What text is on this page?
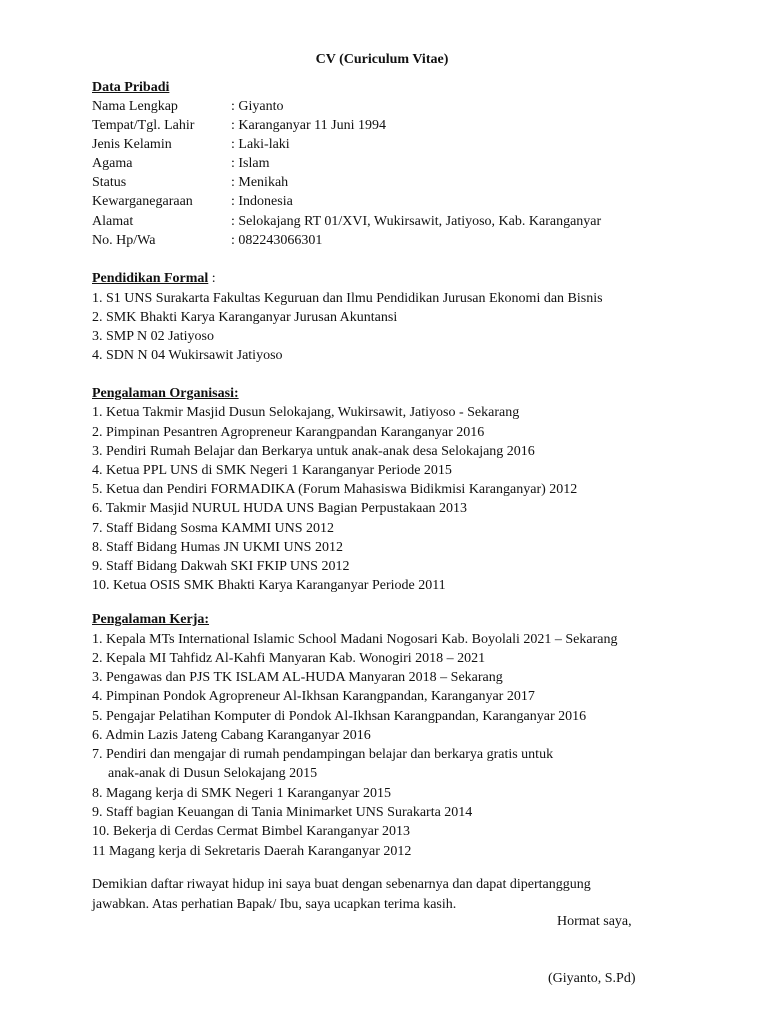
CV (Curiculum Vitae)
Data Pribadi
Nama Lengkap	: Giyanto
Tempat/Tgl. Lahir	: Karanganyar 11 Juni 1994
Jenis Kelamin	: Laki-laki
Agama	: Islam
Status	: Menikah
Kewarganegaraan	: Indonesia
Alamat	: Selokajang RT 01/XVI, Wukirsawit, Jatiyoso, Kab. Karanganyar
No. Hp/Wa	: 082243066301
Pendidikan Formal :
1. S1 UNS Surakarta Fakultas Keguruan dan Ilmu Pendidikan Jurusan Ekonomi dan Bisnis
2. SMK Bhakti Karya Karanganyar Jurusan Akuntansi
3. SMP N 02 Jatiyoso
4. SDN N 04 Wukirsawit Jatiyoso
Pengalaman Organisasi:
1. Ketua Takmir Masjid Dusun Selokajang, Wukirsawit, Jatiyoso - Sekarang
2. Pimpinan Pesantren Agropreneur Karangpandan Karanganyar 2016
3. Pendiri Rumah Belajar dan Berkarya untuk anak-anak desa Selokajang 2016
4. Ketua PPL UNS di SMK Negeri 1 Karanganyar Periode 2015
5. Ketua dan Pendiri FORMADIKA (Forum Mahasiswa Bidikmisi Karanganyar) 2012
6. Takmir Masjid NURUL HUDA UNS Bagian Perpustakaan 2013
7. Staff Bidang Sosma KAMMI UNS 2012
8. Staff Bidang Humas JN UKMI UNS 2012
9. Staff Bidang Dakwah SKI FKIP UNS 2012
10. Ketua OSIS SMK Bhakti Karya Karanganyar Periode 2011
Pengalaman Kerja:
1. Kepala MTs International Islamic School Madani Nogosari Kab. Boyolali 2021 – Sekarang
2. Kepala MI Tahfidz Al-Kahfi Manyaran Kab. Wonogiri 2018 – 2021
3. Pengawas dan PJS TK ISLAM AL-HUDA Manyaran 2018 – Sekarang
4. Pimpinan Pondok Agropreneur Al-Ikhsan Karangpandan, Karanganyar 2017
5. Pengajar Pelatihan Komputer di Pondok Al-Ikhsan Karangpandan, Karanganyar 2016
6. Admin Lazis Jateng Cabang Karanganyar 2016
7. Pendiri dan mengajar di rumah pendampingan belajar dan berkarya gratis untuk
anak-anak di Dusun Selokajang 2015
8. Magang kerja di SMK Negeri 1 Karanganyar 2015
9. Staff bagian Keuangan di Tania Minimarket UNS Surakarta 2014
10. Bekerja di Cerdas Cermat Bimbel Karanganyar 2013
11 Magang kerja di Sekretaris Daerah Karanganyar 2012
Demikian daftar riwayat hidup ini saya buat dengan sebenarnya dan dapat dipertanggung
jawabkan. Atas perhatian Bapak/ Ibu, saya ucapkan terima kasih.
Hormat saya,
(Giyanto, S.Pd)
